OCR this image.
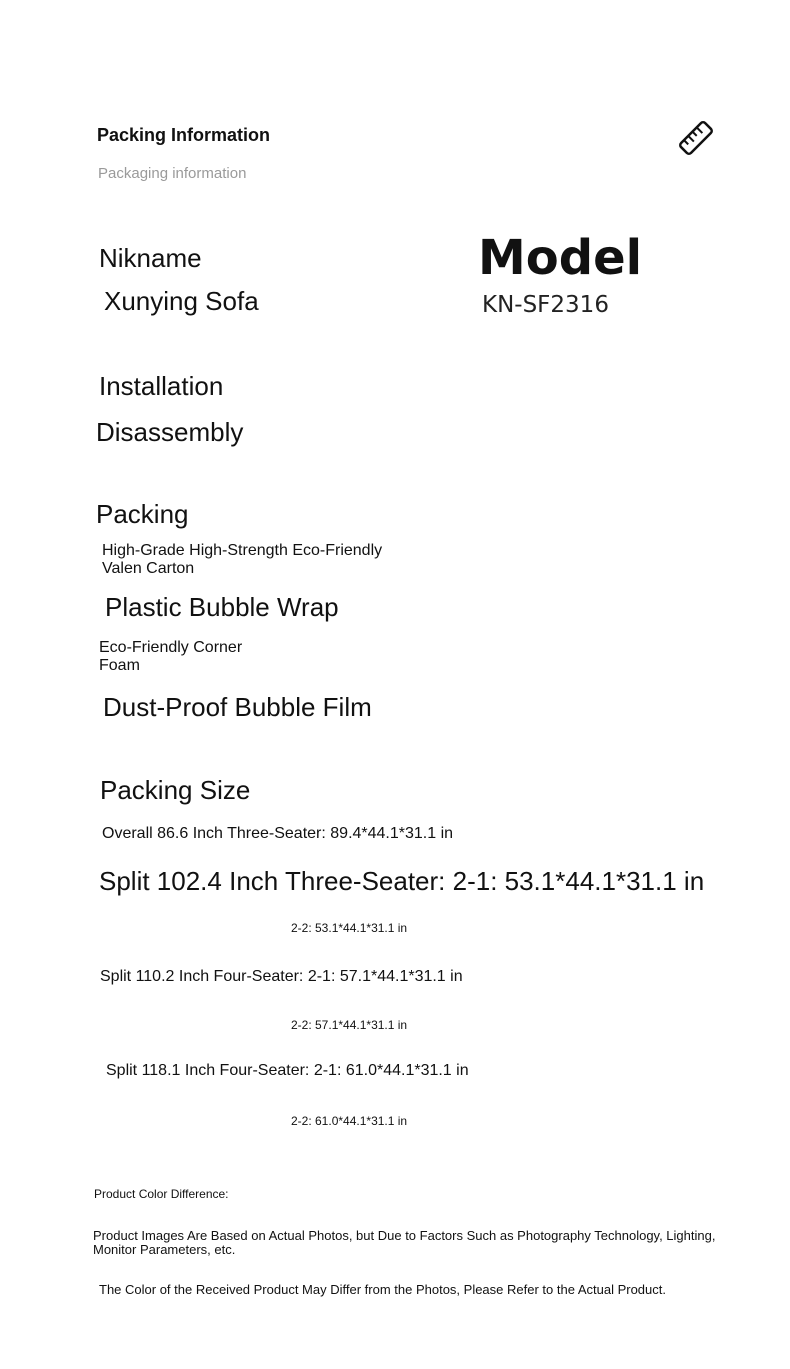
Packing Information
Packaging information
Nikname
Xunying Sofa
Model
KN-SF2316
Installation
Disassembly
Packing
High-Grade High-Strength Eco-Friendly
Valen Carton
Plastic Bubble Wrap
Eco-Friendly Corner
Foam
Dust-Proof Bubble Film
Packing Size
Overall 86.6 Inch Three-Seater: 89.4*44.1*31.1 in
Split 102.4 Inch Three-Seater: 2-1: 53.1*44.1*31.1 in
2-2: 53.1*44.1*31.1 in
Split 110.2 Inch Four-Seater: 2-1: 57.1*44.1*31.1 in
2-2: 57.1*44.1*31.1 in
Split 118.1 Inch Four-Seater: 2-1: 61.0*44.1*31.1 in
2-2: 61.0*44.1*31.1 in
Product Color Difference:
Product Images Are Based on Actual Photos, but Due to Factors Such as Photography Technology, Lighting,
Monitor Parameters, etc.
The Color of the Received Product May Differ from the Photos, Please Refer to the Actual Product.
